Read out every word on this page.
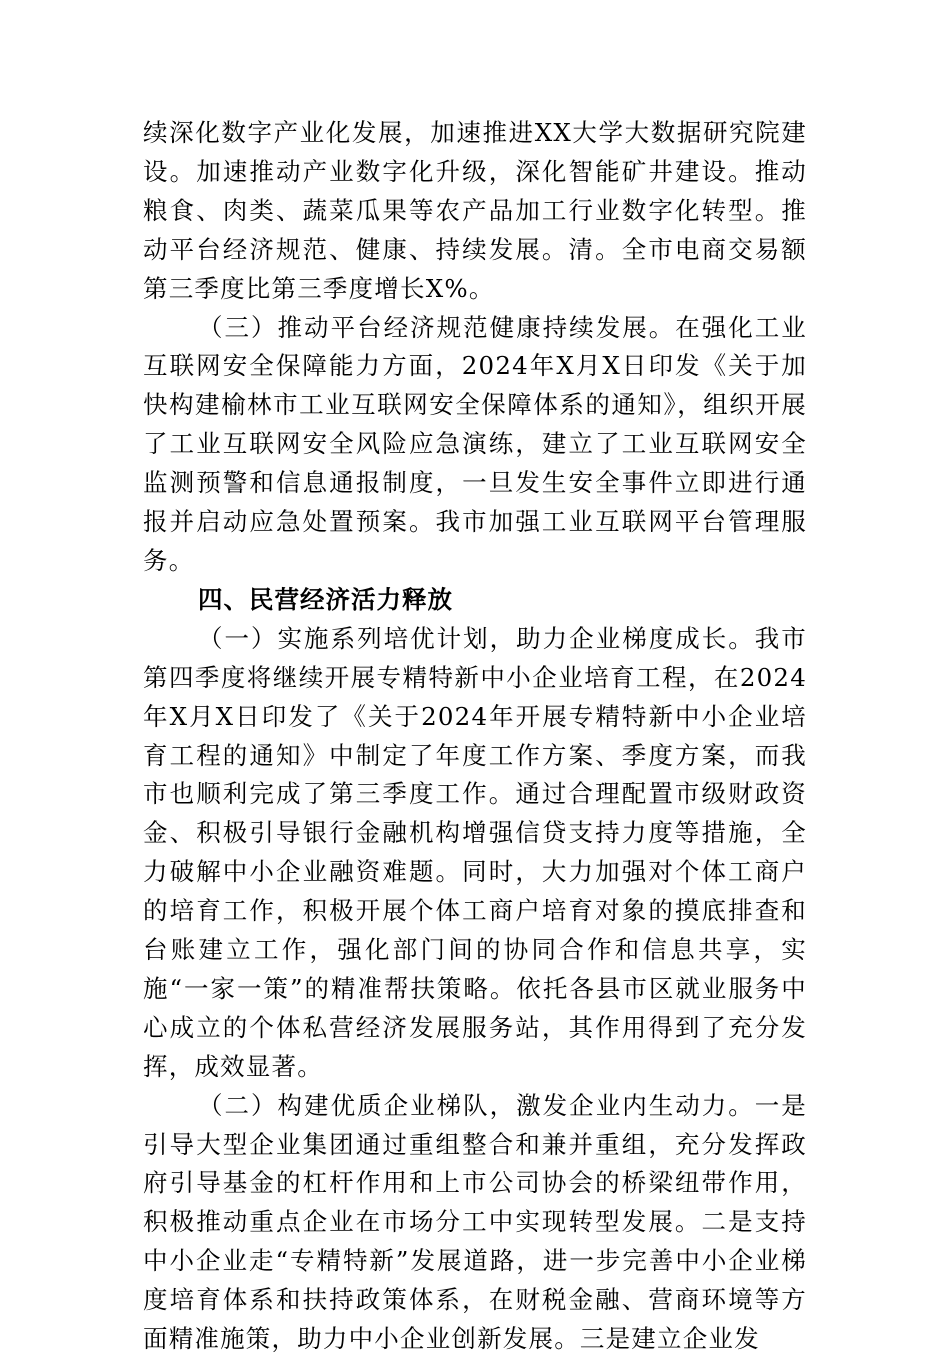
续深化数字产业化发展，加速推进XX大学大数据研究院建设。加速推动产业数字化升级，深化智能矿井建设。推动粮食、肉类、蔬菜瓜果等农产品加工行业数字化转型。推动平台经济规范、健康、持续发展。清。全市电商交易额第三季度比第三季度增长X%。

（三）推动平台经济规范健康持续发展。在强化工业互联网安全保障能力方面，2024年X月X日印发《关于加快构建榆林市工业互联网安全保障体系的通知》，组织开展了工业互联网安全风险应急演练，建立了工业互联网安全监测预警和信息通报制度，一旦发生安全事件立即进行通报并启动应急处置预案。我市加强工业互联网平台管理服务。

四、民营经济活力释放

（一）实施系列培优计划，助力企业梯度成长。我市第四季度将继续开展专精特新中小企业培育工程，在2024年X月X日印发了《关于2024年开展专精特新中小企业培育工程的通知》中制定了年度工作方案、季度方案，而我市也顺利完成了第三季度工作。通过合理配置市级财政资金、积极引导银行金融机构增强信贷支持力度等措施，全力破解中小企业融资难题。同时，大力加强对个体工商户的培育工作，积极开展个体工商户培育对象的摸底排查和台账建立工作，强化部门间的协同合作和信息共享，实施“一家一策”的精准帮扶策略。依托各县市区就业服务中心成立的个体私营经济发展服务站，其作用得到了充分发挥，成效显著。

（二）构建优质企业梯队，激发企业内生动力。一是引导大型企业集团通过重组整合和兼并重组，充分发挥政府引导基金的杠杆作用和上市公司协会的桥梁纽带作用，积极推动重点企业在市场分工中实现转型发展。二是支持中小企业走“专精特新”发展道路，进一步完善中小企业梯度培育体系和扶持政策体系，在财税金融、营商环境等方面精准施策，助力中小企业创新发展。三是建立企业发
